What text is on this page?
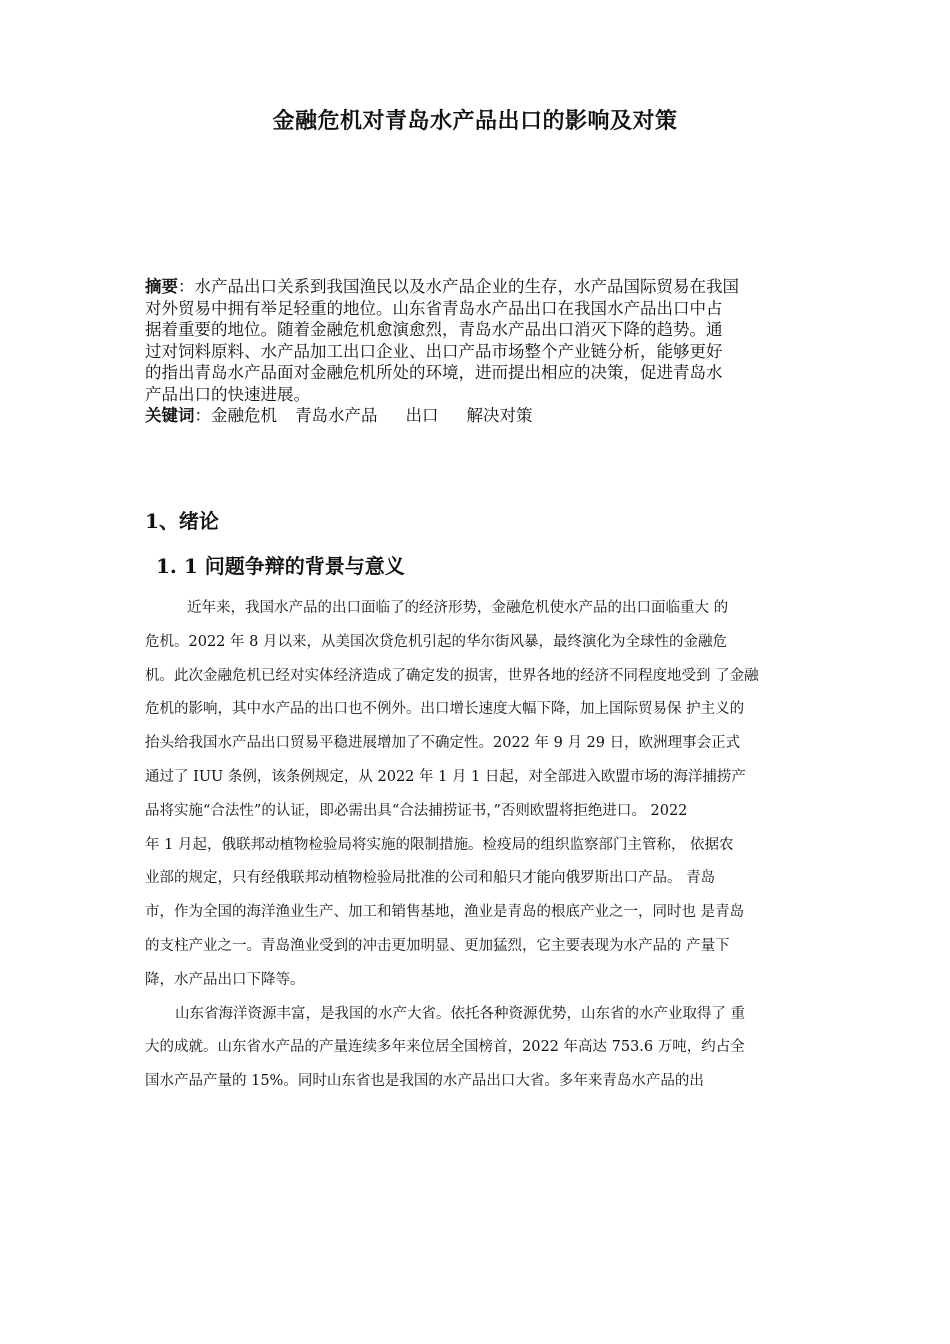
金融危机对青岛水产品出口的影响及对策
摘要：水产品出口关系到我国渔民以及水产品企业的生存，水产品国际贸易在我国
对外贸易中拥有举足轻重的地位。山东省青岛水产品出口在我国水产品出口中占
据着重要的地位。随着金融危机愈演愈烈，青岛水产品出口消灭下降的趋势。通
过对饲料原料、水产品加工出口企业、出口产品市场整个产业链分析，能够更好
的指出青岛水产品面对金融危机所处的环境，进而提出相应的决策，促进青岛水
产品出口的快速进展。
关键词：金融危机 青岛水产品 出口 解决对策
1、绪论
1. 1 问题争辩的背景与意义
近年来，我国水产品的出口面临了的经济形势，金融危机使水产品的出口面临重大 的
危机。2022 年 8 月以来，从美国次贷危机引起的华尔街风暴，最终演化为全球性的金融危
机。此次金融危机已经对实体经济造成了确定发的损害，世界各地的经济不同程度地受到 了金融
危机的影响，其中水产品的出口也不例外。出口增长速度大幅下降，加上国际贸易保 护主义的
抬头给我国水产品出口贸易平稳进展增加了不确定性。2022 年 9 月 29 日，欧洲理事会正式
通过了 IUU 条例，该条例规定，从 2022 年 1 月 1 日起，对全部进入欧盟市场的海洋捕捞产
品将实施“合法性”的认证，即必需出具“合法捕捞证书，”否则欧盟将拒绝进口。 2022
年 1 月起，俄联邦动植物检验局将实施的限制措施。检疫局的组织监察部门主管称， 依据农
业部的规定，只有经俄联邦动植物检验局批准的公司和船只才能向俄罗斯出口产品。 青岛
市，作为全国的海洋渔业生产、加工和销售基地，渔业是青岛的根底产业之一，同时也 是青岛
的支柱产业之一。青岛渔业受到的冲击更加明显、更加猛烈，它主要表现为水产品的 产量下
降，水产品出口下降等。
山东省海洋资源丰富，是我国的水产大省。依托各种资源优势，山东省的水产业取得了 重
大的成就。山东省水产品的产量连续多年来位居全国榜首，2022 年高达 753.6 万吨，约占全
国水产品产量的 15%。同时山东省也是我国的水产品出口大省。多年来青岛水产品的出
